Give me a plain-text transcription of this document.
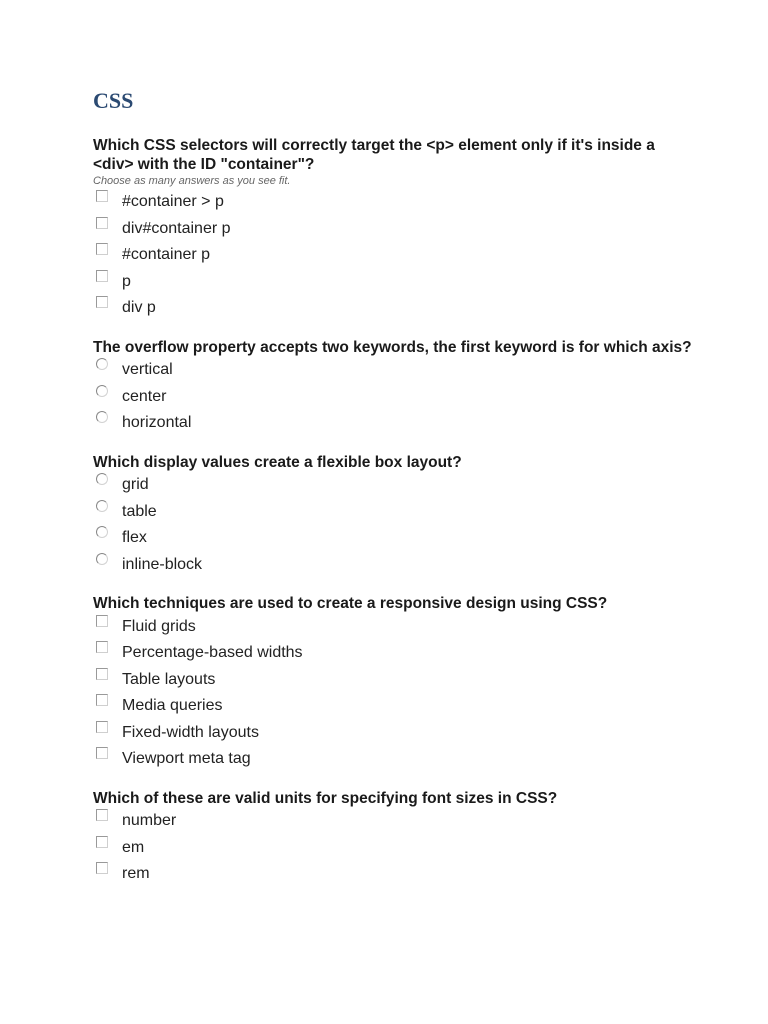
CSS

Which CSS selectors will correctly target the <p> element only if it's inside a <div> with the ID "container"?

Choose as many answers as you see fit.

#container > p
div#container p
#container p
p
div p

The overflow property accepts two keywords, the first keyword is for which axis?

vertical
center
horizontal

Which display values create a flexible box layout?

grid
table
flex
inline-block

Which techniques are used to create a responsive design using CSS?

Fluid grids
Percentage-based widths
Table layouts
Media queries
Fixed-width layouts
Viewport meta tag

Which of these are valid units for specifying font sizes in CSS?

number
em
rem
